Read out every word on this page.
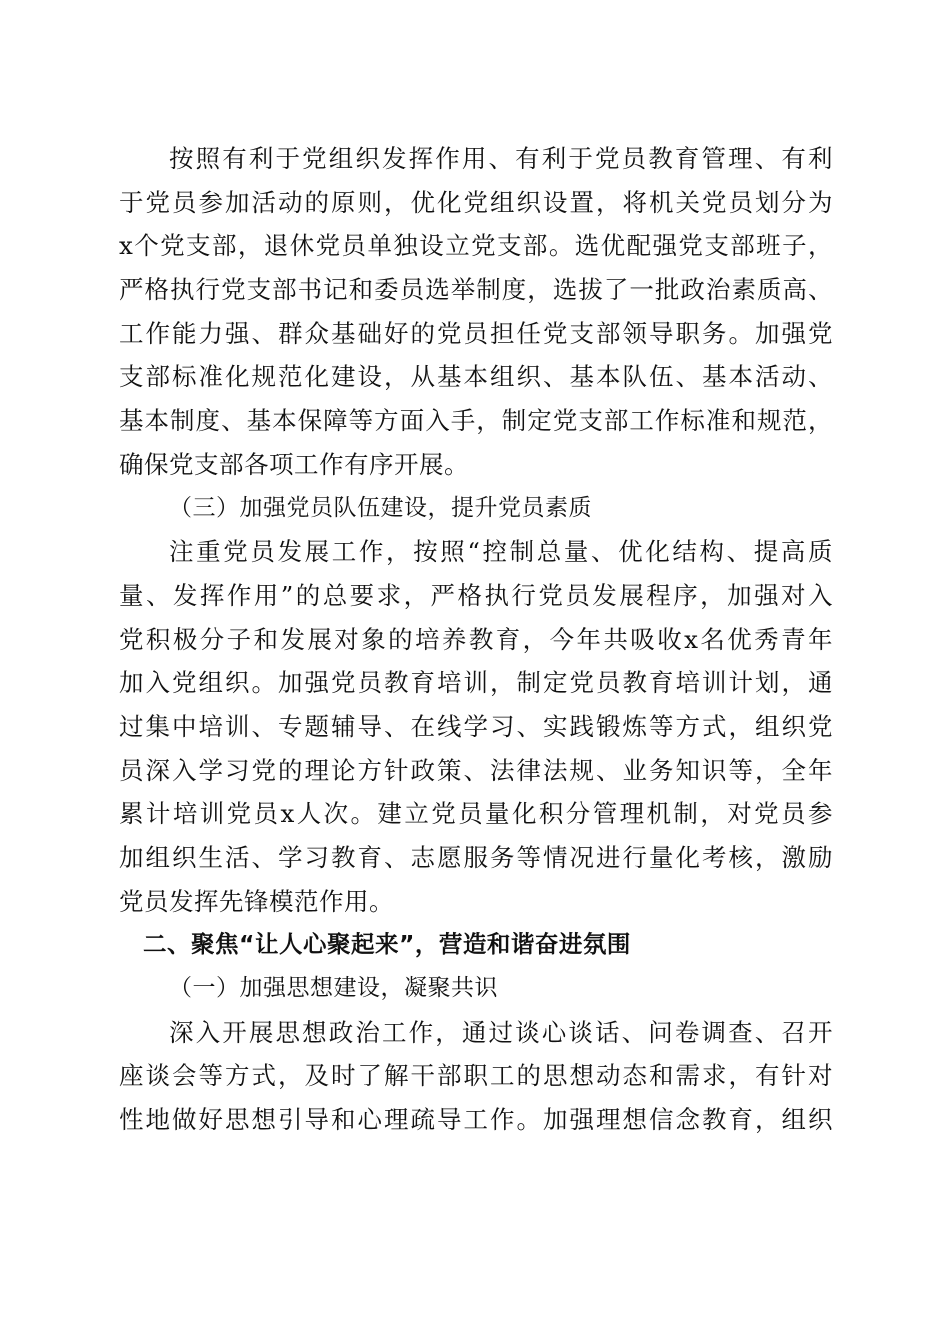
按照有利于党组织发挥作用、有利于党员教育管理、有利
于党员参加活动的原则，优化党组织设置，将机关党员划分为
x个党支部，退休党员单独设立党支部。选优配强党支部班子，
严格执行党支部书记和委员选举制度，选拔了一批政治素质高、
工作能力强、群众基础好的党员担任党支部领导职务。加强党
支部标准化规范化建设，从基本组织、基本队伍、基本活动、
基本制度、基本保障等方面入手，制定党支部工作标准和规范，
确保党支部各项工作有序开展。
（三）加强党员队伍建设，提升党员素质
注重党员发展工作，按照“控制总量、优化结构、提高质
量、发挥作用”的总要求，严格执行党员发展程序，加强对入
党积极分子和发展对象的培养教育，今年共吸收x名优秀青年
加入党组织。加强党员教育培训，制定党员教育培训计划，通
过集中培训、专题辅导、在线学习、实践锻炼等方式，组织党
员深入学习党的理论方针政策、法律法规、业务知识等，全年
累计培训党员x人次。建立党员量化积分管理机制，对党员参
加组织生活、学习教育、志愿服务等情况进行量化考核，激励
党员发挥先锋模范作用。
二、聚焦“让人心聚起来”，营造和谐奋进氛围
（一）加强思想建设，凝聚共识
深入开展思想政治工作，通过谈心谈话、问卷调查、召开
座谈会等方式，及时了解干部职工的思想动态和需求，有针对
性地做好思想引导和心理疏导工作。加强理想信念教育，组织
